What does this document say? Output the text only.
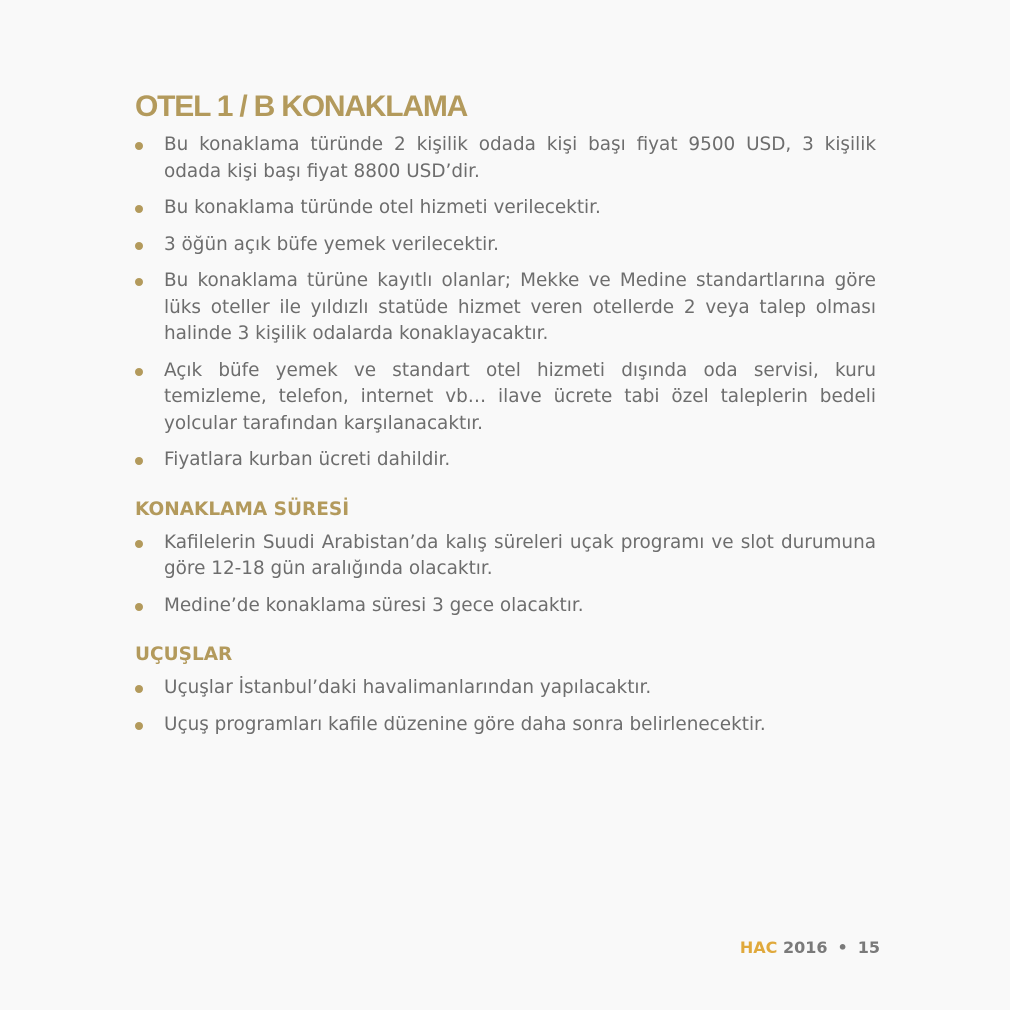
OTEL 1 / B KONAKLAMA
Bu konaklama türünde 2 kişilik odada kişi başı fiyat 9500 USD, 3 kişilik odada kişi başı fiyat 8800 USD’dir.
Bu konaklama türünde otel hizmeti verilecektir.
3 öğün açık büfe yemek verilecektir.
Bu konaklama türüne kayıtlı olanlar; Mekke ve Medine standartlarına göre lüks oteller ile yıldızlı statüde hizmet veren otellerde 2 veya talep olması halinde 3 kişilik odalarda konaklayacaktır.
Açık büfe yemek ve standart otel hizmeti dışında oda servisi, kuru temizleme, telefon, internet vb… ilave ücrete tabi özel taleplerin bedeli yolcular tarafından karşılanacaktır.
Fiyatlara kurban ücreti dahildir.
KONAKLAMA SÜRESİ
Kafilelerin Suudi Arabistan’da kalış süreleri uçak programı ve slot durumuna göre 12-18 gün aralığında olacaktır.
Medine’de konaklama süresi 3 gece olacaktır.
UÇUŞLAR
Uçuşlar İstanbul’daki havalimanlarından yapılacaktır.
Uçuş programları kafile düzenine göre daha sonra belirlenecektir.
HAC 2016 • 15
